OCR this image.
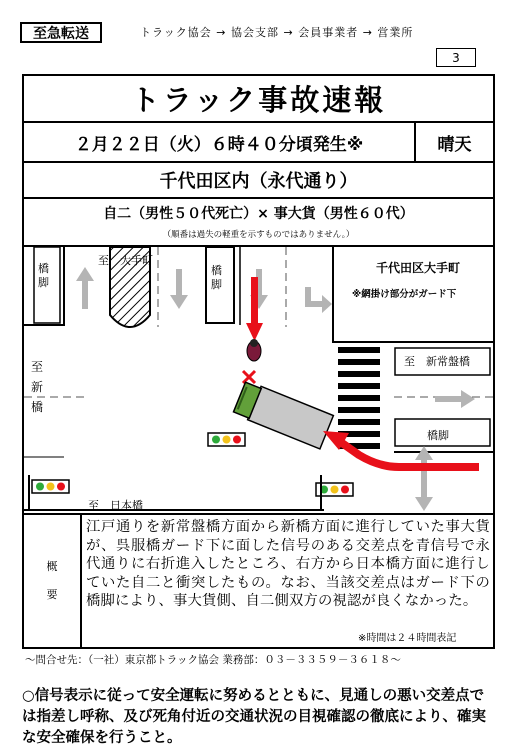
至急転送	トラック協会 → 協会支部 → 会員事業者 → 営業所
3
トラック事故速報
２月２２日（火）６時４０分頃発生※	晴天
千代田区内（永代通り）
自二（男性５０代死亡）× 事大貨（男性６０代）
（順番は過失の軽重を示すものではありません。）
橋脚
橋脚
至　大手町
千代田区大手町
※網掛け部分がガード下
至　新常盤橋
橋脚
至
新
橋
至　日本橋
概
要
江戸通りを新常盤橋方面から新橋方面に進行していた事大貨が、呉服橋ガード下に面した信号のある交差点を青信号で永代通りに右折進入したところ、右方から日本橋方面に進行していた自二と衝突したもの。なお、当該交差点はガード下の橋脚により、事大貨側、自二側双方の視認が良くなかった。
※時間は２４時間表記
～問合せ先：（一社）東京都トラック協会 業務部：０３－３３５９－３６１８～
○信号表示に従って安全運転に努めるとともに、見通しの悪い交差点では指差し呼称、及び死角付近の交通状況の目視確認の徹底により、確実な安全確保を行うこと。
